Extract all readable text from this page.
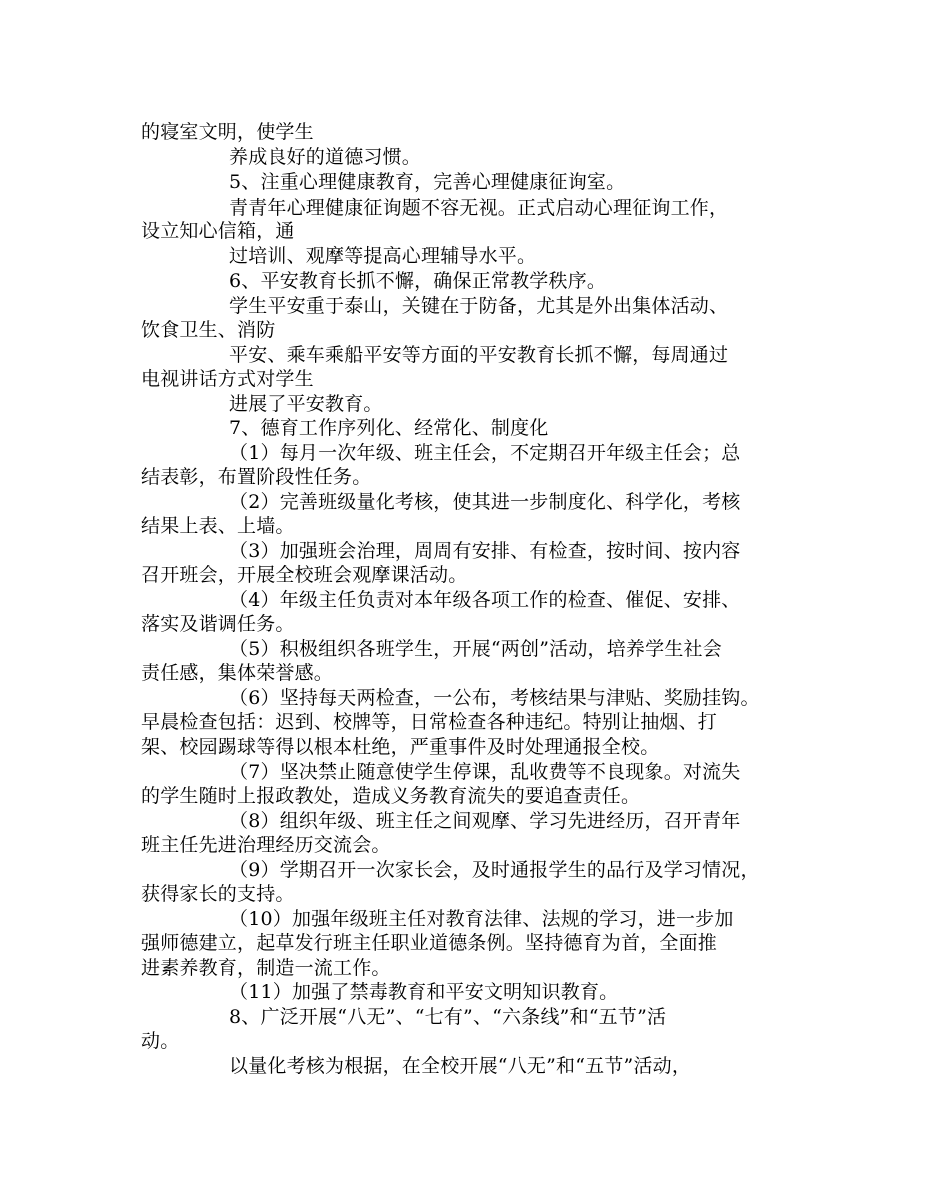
的寝室文明，使学生

养成良好的道德习惯。

5、注重心理健康教育，完善心理健康征询室。

青青年心理健康征询题不容无视。正式启动心理征询工作，

设立知心信箱，通

过培训、观摩等提高心理辅导水平。

6、平安教育长抓不懈，确保正常教学秩序。

学生平安重于泰山，关键在于防备，尤其是外出集体活动、

饮食卫生、消防

平安、乘车乘船平安等方面的平安教育长抓不懈，每周通过

电视讲话方式对学生

进展了平安教育。

7、德育工作序列化、经常化、制度化

（1）每月一次年级、班主任会，不定期召开年级主任会；总

结表彰，布置阶段性任务。

（2）完善班级量化考核，使其进一步制度化、科学化，考核

结果上表、上墙。

（3）加强班会治理，周周有安排、有检查，按时间、按内容

召开班会，开展全校班会观摩课活动。

（4）年级主任负责对本年级各项工作的检查、催促、安排、

落实及谐调任务。

（5）积极组织各班学生，开展“两创”活动，培养学生社会

责任感，集体荣誉感。

（6）坚持每天两检查，一公布，考核结果与津贴、奖励挂钩。

早晨检查包括：迟到、校牌等，日常检查各种违纪。特别让抽烟、打

架、校园踢球等得以根本杜绝，严重事件及时处理通报全校。

（7）坚决禁止随意使学生停课，乱收费等不良现象。对流失

的学生随时上报政教处，造成义务教育流失的要追查责任。

（8）组织年级、班主任之间观摩、学习先进经历，召开青年

班主任先进治理经历交流会。

（9）学期召开一次家长会，及时通报学生的品行及学习情况，

获得家长的支持。

（10）加强年级班主任对教育法律、法规的学习，进一步加

强师德建立，起草发行班主任职业道德条例。坚持德育为首，全面推

进素养教育，制造一流工作。

（11）加强了禁毒教育和平安文明知识教育。

8、广泛开展“八无”、“七有”、“六条线”和“五节”活

动。

以量化考核为根据，在全校开展“八无”和“五节”活动，
